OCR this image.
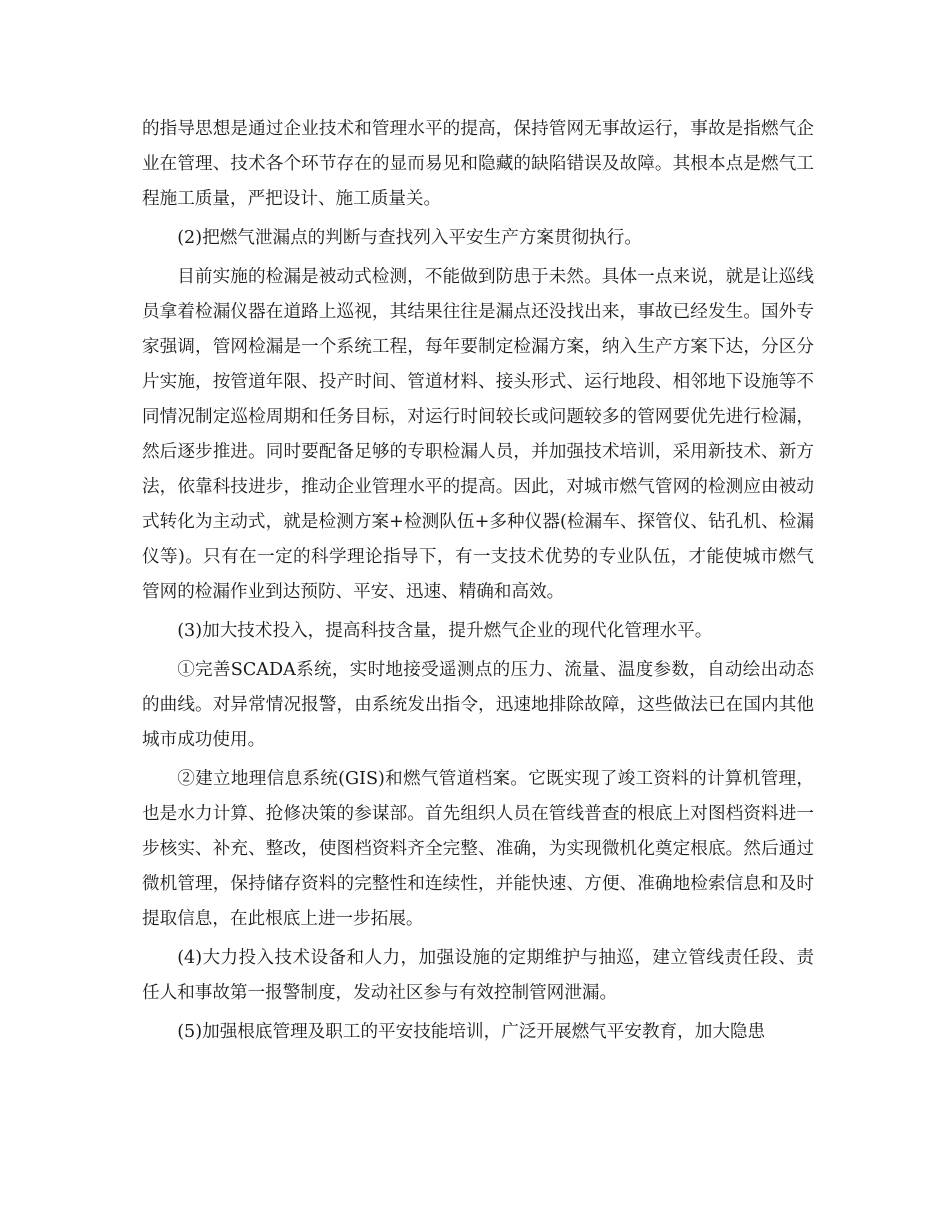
的指导思想是通过企业技术和管理水平的提高，保持管网无事故运行，事故是指燃气企业在管理、技术各个环节存在的显而易见和隐藏的缺陷错误及故障。其根本点是燃气工程施工质量，严把设计、施工质量关。

(2)把燃气泄漏点的判断与查找列入平安生产方案贯彻执行。

目前实施的检漏是被动式检测，不能做到防患于未然。具体一点来说，就是让巡线员拿着检漏仪器在道路上巡视，其结果往往是漏点还没找出来，事故已经发生。国外专家强调，管网检漏是一个系统工程，每年要制定检漏方案，纳入生产方案下达，分区分片实施，按管道年限、投产时间、管道材料、接头形式、运行地段、相邻地下设施等不同情况制定巡检周期和任务目标，对运行时间较长或问题较多的管网要优先进行检漏，然后逐步推进。同时要配备足够的专职检漏人员，并加强技术培训，采用新技术、新方法，依靠科技进步，推动企业管理水平的提高。因此，对城市燃气管网的检测应由被动式转化为主动式，就是检测方案+检测队伍+多种仪器(检漏车、探管仪、钻孔机、检漏仪等)。只有在一定的科学理论指导下，有一支技术优势的专业队伍，才能使城市燃气管网的检漏作业到达预防、平安、迅速、精确和高效。

(3)加大技术投入，提高科技含量，提升燃气企业的现代化管理水平。

①完善SCADA系统，实时地接受遥测点的压力、流量、温度参数，自动绘出动态的曲线。对异常情况报警，由系统发出指令，迅速地排除故障，这些做法已在国内其他城市成功使用。

②建立地理信息系统(GIS)和燃气管道档案。它既实现了竣工资料的计算机管理，也是水力计算、抢修决策的参谋部。首先组织人员在管线普查的根底上对图档资料进一步核实、补充、整改，使图档资料齐全完整、准确，为实现微机化奠定根底。然后通过微机管理，保持储存资料的完整性和连续性，并能快速、方便、准确地检索信息和及时提取信息，在此根底上进一步拓展。

(4)大力投入技术设备和人力，加强设施的定期维护与抽巡，建立管线责任段、责任人和事故第一报警制度，发动社区参与有效控制管网泄漏。

(5)加强根底管理及职工的平安技能培训，广泛开展燃气平安教育，加大隐患
